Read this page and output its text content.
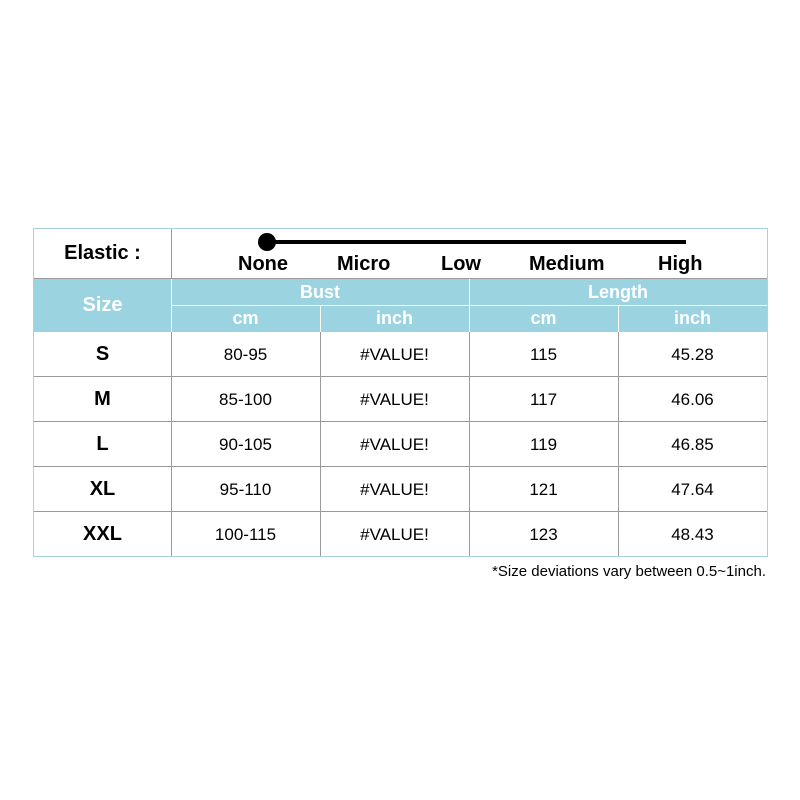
Elastic :	None Micro	Low Medium	High
Size
Bust	Length
cm	inch	cm	inch
S	80-95	#VALUE!	115	45.28
M	85-100	#VALUE!	117	46.06
L	90-105	#VALUE!	119	46.85
XL	95-110	#VALUE!	121	47.64
XXL	100-115	#VALUE!	123	48.43
*Size deviations vary between 0.5~1inch.
